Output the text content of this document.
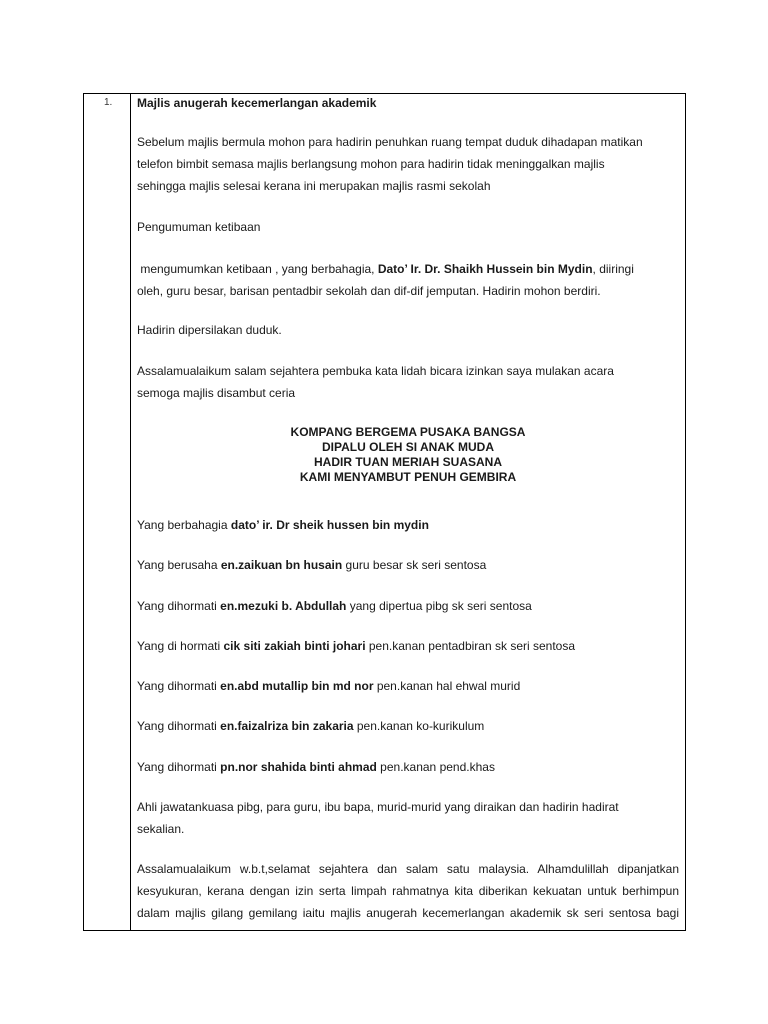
1. Majlis anugerah kecemerlangan akademik

Sebelum majlis bermula mohon para hadirin penuhkan ruang tempat duduk dihadapan matikan

telefon bimbit semasa majlis berlangsung mohon para hadirin tidak meninggalkan majlis

sehingga majlis selesai kerana ini merupakan majlis rasmi sekolah

Pengumuman ketibaan

mengumumkan ketibaan , yang berbahagia, Dato’ Ir. Dr. Shaikh Hussein bin Mydin, diiringi

oleh, guru besar, barisan pentadbir sekolah dan dif-dif jemputan. Hadirin mohon berdiri.

Hadirin dipersilakan duduk.

Assalamualaikum salam sejahtera pembuka kata lidah bicara izinkan saya mulakan acara

semoga majlis disambut ceria

KOMPANG BERGEMA PUSAKA BANGSA
DIPALU OLEH SI ANAK MUDA
HADIR TUAN MERIAH SUASANA
KAMI MENYAMBUT PENUH GEMBIRA

Yang berbahagia dato’ ir. Dr sheik hussen bin mydin

Yang berusaha en.zaikuan bn husain guru besar sk seri sentosa

Yang dihormati en.mezuki b. Abdullah yang dipertua pibg sk seri sentosa

Yang di hormati cik siti zakiah binti johari pen.kanan pentadbiran sk seri sentosa

Yang dihormati en.abd mutallip bin md nor pen.kanan hal ehwal murid

Yang dihormati en.faizalriza bin zakaria pen.kanan ko-kurikulum

Yang dihormati pn.nor shahida binti ahmad pen.kanan pend.khas

Ahli jawatankuasa pibg, para guru, ibu bapa, murid-murid yang diraikan dan hadirin hadirat

sekalian.

Assalamualaikum w.b.t,selamat sejahtera dan salam satu malaysia. Alhamdulillah dipanjatkan

kesyukuran, kerana dengan izin serta limpah rahmatnya kita diberikan kekuatan untuk berhimpun

dalam majlis gilang gemilang iaitu majlis anugerah kecemerlangan akademik sk seri sentosa bagi
